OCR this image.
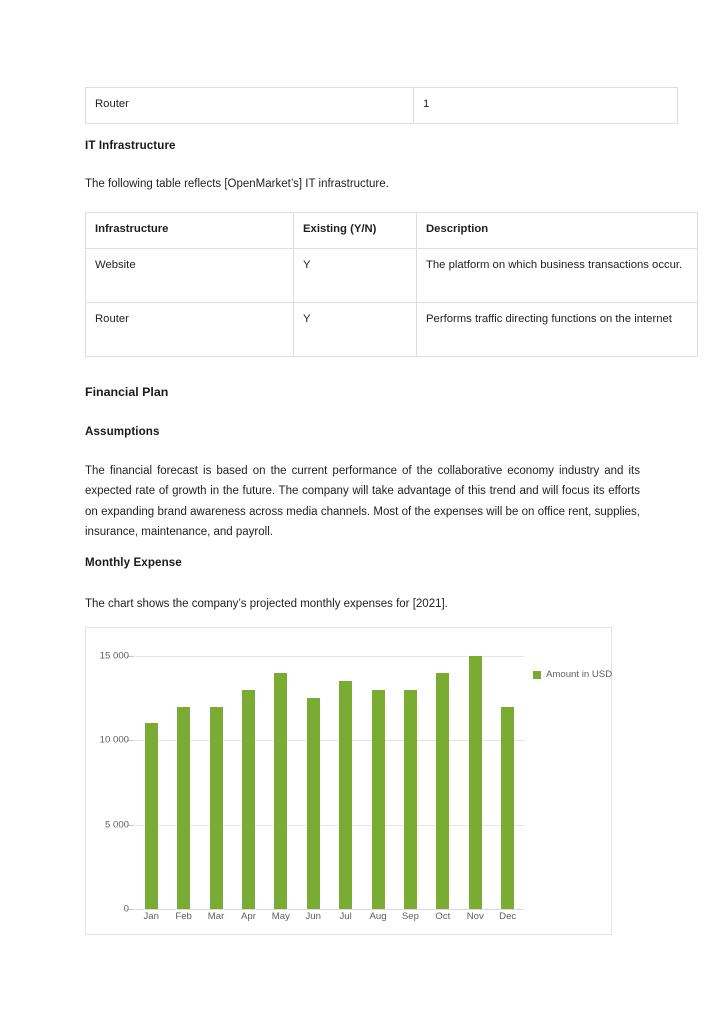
Router	1
IT Infrastructure
The following table reflects [OpenMarket’s] IT infrastructure.
Infrastructure	Existing (Y/N)	Description
Website	Y	The platform on which business transactions occur.
Router	Y	Performs traffic directing functions on the internet
Financial Plan
Assumptions
The financial forecast is based on the current performance of the collaborative economy industry and its expected rate of growth in the future. The company will take advantage of this trend and will focus its efforts on expanding brand awareness across media channels. Most of the expenses will be on office rent, supplies, insurance, maintenance, and payroll.
Monthly Expense
The chart shows the company’s projected monthly expenses for [2021].
0
5 000
10 000
15 000
Jan	Feb	Mar	Apr	May	Jun	Jul	Aug	Sep	Oct	Nov	Dec
Amount in USD
